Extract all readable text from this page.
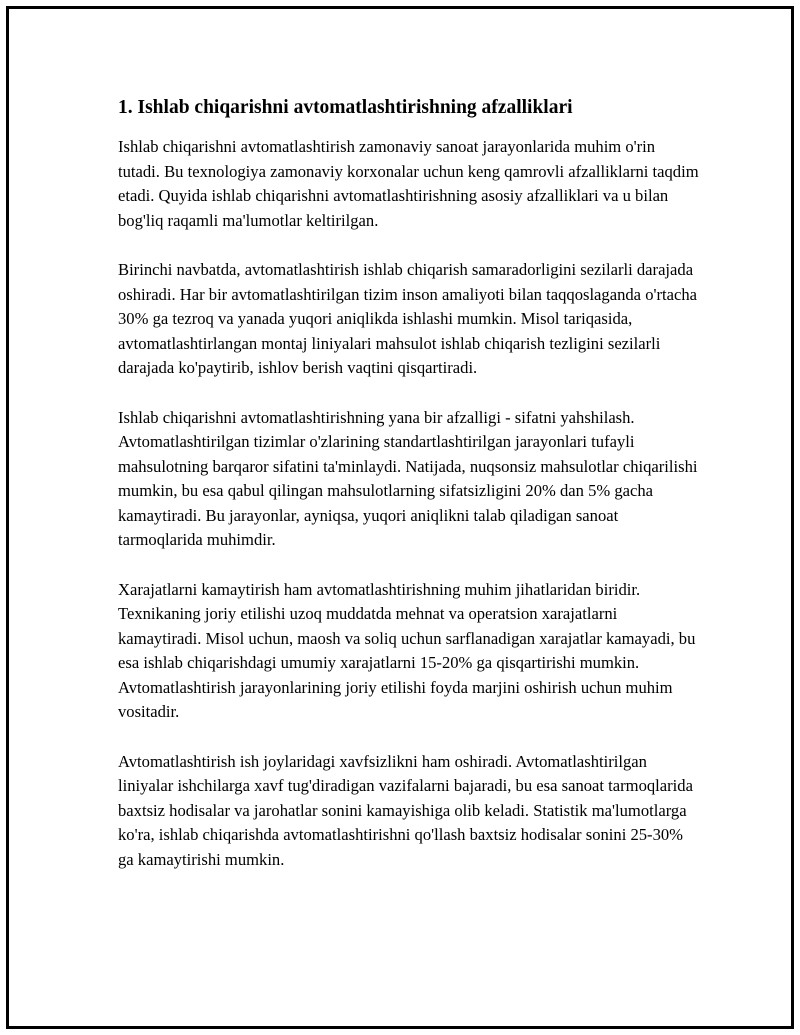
1. Ishlab chiqarishni avtomatlashtirishning afzalliklari

Ishlab chiqarishni avtomatlashtirish zamonaviy sanoat jarayonlarida muhim o'rin tutadi. Bu texnologiya zamonaviy korxonalar uchun keng qamrovli afzalliklarni taqdim etadi. Quyida ishlab chiqarishni avtomatlashtirishning asosiy afzalliklari va u bilan bog'liq raqamli ma'lumotlar keltirilgan.

Birinchi navbatda, avtomatlashtirish ishlab chiqarish samaradorligini sezilarli darajada oshiradi. Har bir avtomatlashtirilgan tizim inson amaliyoti bilan taqqoslaganda o'rtacha 30% ga tezroq va yanada yuqori aniqlikda ishlashi mumkin. Misol tariqasida, avtomatlashtirlangan montaj liniyalari mahsulot ishlab chiqarish tezligini sezilarli darajada ko'paytirib, ishlov berish vaqtini qisqartiradi.

Ishlab chiqarishni avtomatlashtirishning yana bir afzalligi - sifatni yahshilash. Avtomatlashtirilgan tizimlar o'zlarining standartlashtirilgan jarayonlari tufayli mahsulotning barqaror sifatini ta'minlaydi. Natijada, nuqsonsiz mahsulotlar chiqarilishi mumkin, bu esa qabul qilingan mahsulotlarning sifatsizligini 20% dan 5% gacha kamaytiradi. Bu jarayonlar, ayniqsa, yuqori aniqlikni talab qiladigan sanoat tarmoqlarida muhimdir.

Xarajatlarni kamaytirish ham avtomatlashtirishning muhim jihatlaridan biridir. Texnikaning joriy etilishi uzoq muddatda mehnat va operatsion xarajatlarni kamaytiradi. Misol uchun, maosh va soliq uchun sarflanadigan xarajatlar kamayadi, bu esa ishlab chiqarishdagi umumiy xarajatlarni 15-20% ga qisqartirishi mumkin. Avtomatlashtirish jarayonlarining joriy etilishi foyda marjini oshirish uchun muhim vositadir.

Avtomatlashtirish ish joylaridagi xavfsizlikni ham oshiradi. Avtomatlashtirilgan liniyalar ishchilarga xavf tug'diradigan vazifalarni bajaradi, bu esa sanoat tarmoqlarida baxtsiz hodisalar va jarohatlar sonini kamayishiga olib keladi. Statistik ma'lumotlarga ko'ra, ishlab chiqarishda avtomatlashtirishni qo'llash baxtsiz hodisalar sonini 25-30% ga kamaytirishi mumkin.
